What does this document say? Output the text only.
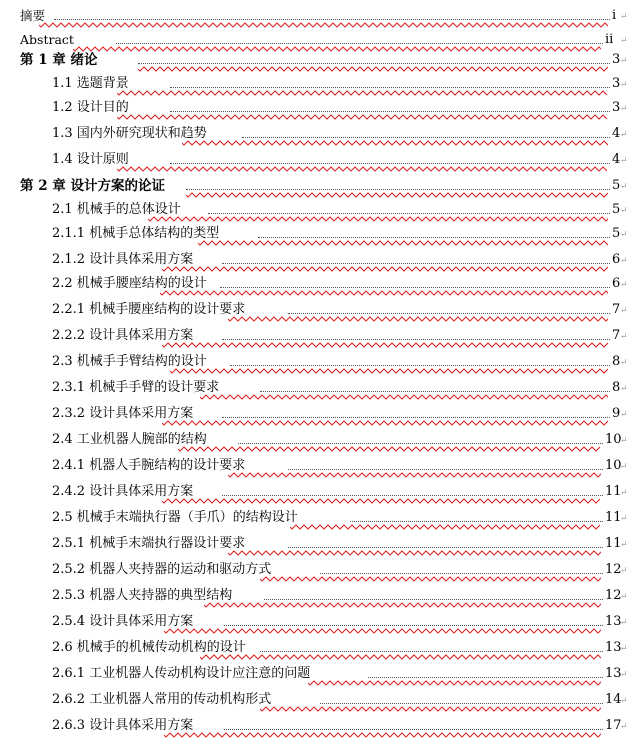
摘要	i ↵
Abstract	ii ↵
第 1 章 绪论	3 ↵
1.1 选题背景	3 ↵
1.2 设计目的	3 ↵
1.3 国内外研究现状和趋势	4 ↵
1.4 设计原则	4 ↵
第 2 章 设计方案的论证	5 ↵
2.1 机械手的总体设计	5 ↵
2.1.1 机械手总体结构的类型	5 ↵
2.1.2 设计具体采用方案	6 ↵
2.2 机械手腰座结构的设计	6 ↵
2.2.1 机械手腰座结构的设计要求	7 ↵
2.2.2 设计具体采用方案	7 ↵
2.3 机械手手臂结构的设计	8 ↵
2.3.1 机械手手臂的设计要求	8 ↵
2.3.2 设计具体采用方案	9 ↵
2.4 工业机器人腕部的结构	10
↵
2.4.1 机器人手腕结构的设计要求	10
↵
2.4.2 设计具体采用方案	11
↵
2.5 机械手末端执行器（手爪）的结构设计	11
↵
2.5.1 机械手末端执行器设计要求	11
↵
2.5.2 机器人夹持器的运动和驱动方式	12
↵
2.5.3 机器人夹持器的典型结构	12
↵
2.5.4 设计具体采用方案	13
↵
2.6 机械手的机械传动机构的设计	13
↵
2.6.1 工业机器人传动机构设计应注意的问题	13
↵
2.6.2 工业机器人常用的传动机构形式	14
↵
2.6.3 设计具体采用方案	17
↵
